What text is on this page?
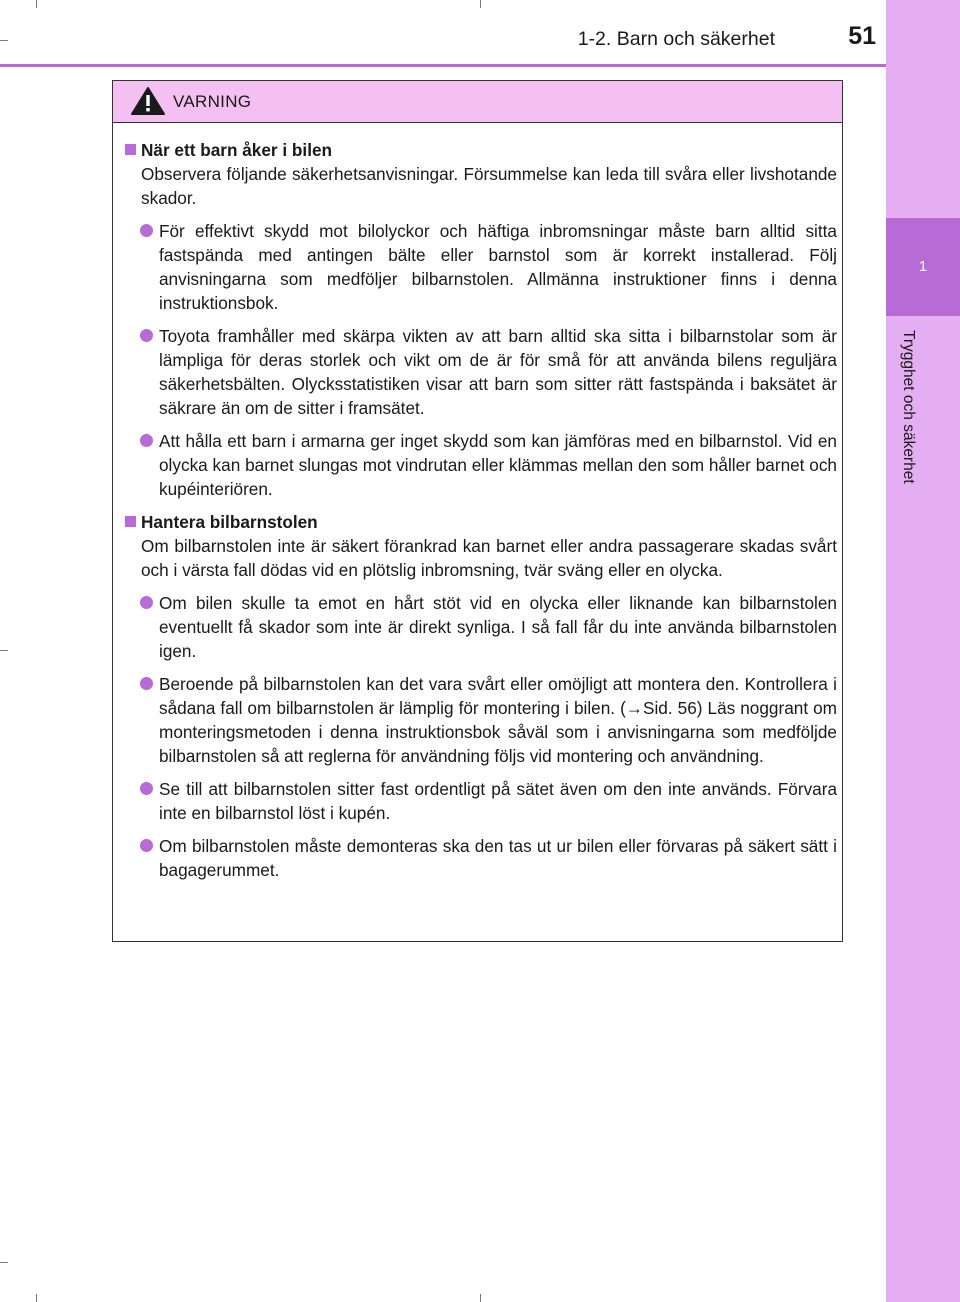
1
Trygghet och säkerhet
1-2. Barn och säkerhet	51
VARNING
När ett barn åker i bilen
Observera följande säkerhetsanvisningar. Försummelse kan leda till svåra eller livshotande skador.
För effektivt skydd mot bilolyckor och häftiga inbromsningar måste barn alltid sitta fastspända med antingen bälte eller barnstol som är korrekt installerad. Följ anvisningarna som medföljer bilbarnstolen. Allmänna instruktioner finns i denna instruktionsbok.
Toyota framhåller med skärpa vikten av att barn alltid ska sitta i bilbarnstolar som är lämpliga för deras storlek och vikt om de är för små för att använda bilens reguljära säkerhetsbälten. Olycksstatistiken visar att barn som sitter rätt fastspända i baksätet är säkrare än om de sitter i framsätet.
Att hålla ett barn i armarna ger inget skydd som kan jämföras med en bilbarnstol. Vid en olycka kan barnet slungas mot vindrutan eller klämmas mellan den som håller barnet och kupéinteriören.
Hantera bilbarnstolen
Om bilbarnstolen inte är säkert förankrad kan barnet eller andra passagerare skadas svårt och i värsta fall dödas vid en plötslig inbromsning, tvär sväng eller en olycka.
Om bilen skulle ta emot en hårt stöt vid en olycka eller liknande kan bilbarnstolen eventuellt få skador som inte är direkt synliga. I så fall får du inte använda bilbarnstolen igen.
Beroende på bilbarnstolen kan det vara svårt eller omöjligt att montera den. Kontrollera i sådana fall om bilbarnstolen är lämplig för montering i bilen. (→Sid. 56) Läs noggrant om monteringsmetoden i denna instruktionsbok såväl som i anvisningarna som medföljde bilbarnstolen så att reglerna för användning följs vid montering och användning.
Se till att bilbarnstolen sitter fast ordentligt på sätet även om den inte används. Förvara inte en bilbarnstol löst i kupén.
Om bilbarnstolen måste demonteras ska den tas ut ur bilen eller förvaras på säkert sätt i bagagerummet.
